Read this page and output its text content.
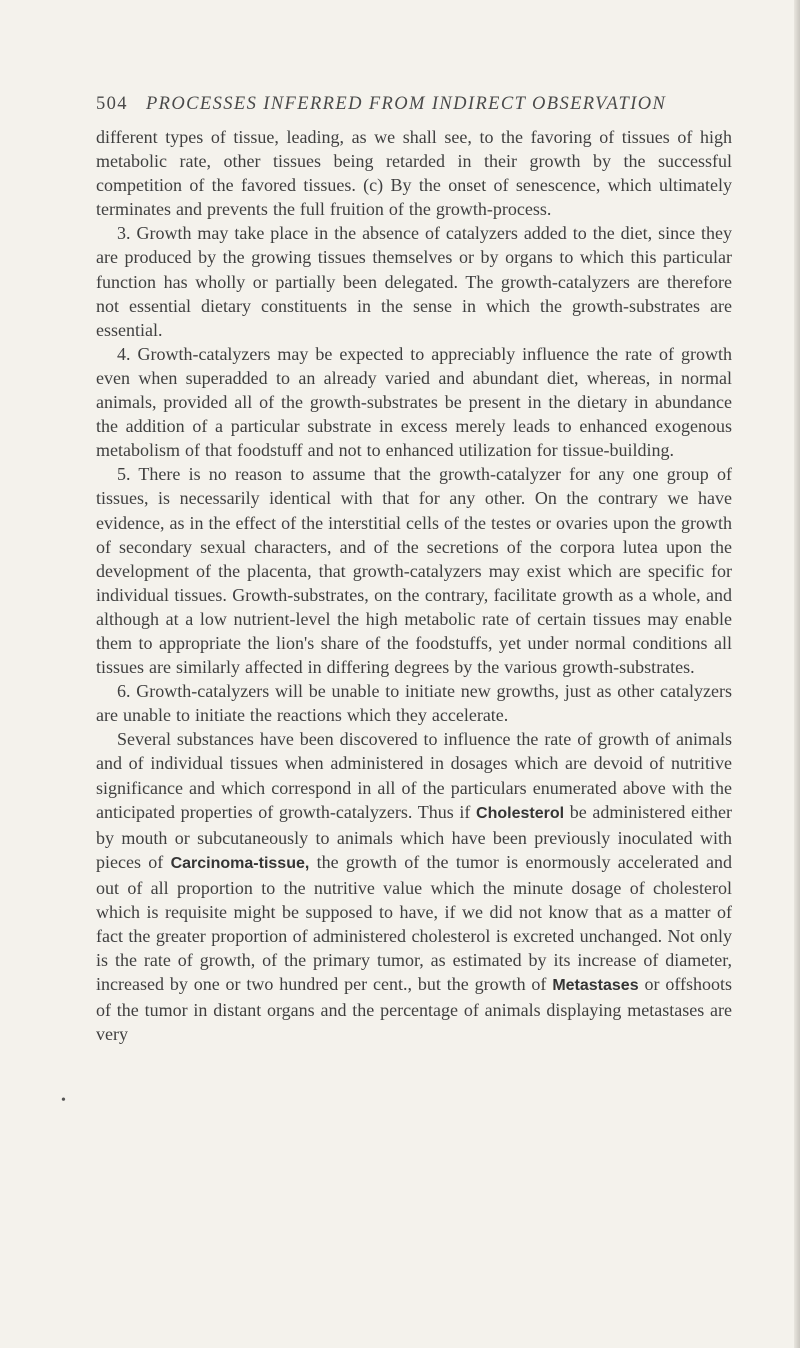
504 PROCESSES INFERRED FROM INDIRECT OBSERVATION
•

different types of tissue, leading, as we shall see, to the favoring of tissues of high metabolic rate, other tissues being retarded in their growth by the successful competition of the favored tissues. (c) By the onset of senescence, which ultimately terminates and prevents the full fruition of the growth-process.

3. Growth may take place in the absence of catalyzers added to the diet, since they are produced by the growing tissues themselves or by organs to which this particular function has wholly or partially been delegated. The growth-catalyzers are therefore not essential dietary constituents in the sense in which the growth-substrates are essential.

4. Growth-catalyzers may be expected to appreciably influence the rate of growth even when superadded to an already varied and abundant diet, whereas, in normal animals, provided all of the growth-substrates be present in the dietary in abundance the addition of a particular substrate in excess merely leads to enhanced exogenous metabolism of that foodstuff and not to enhanced utilization for tissue-building.

5. There is no reason to assume that the growth-catalyzer for any one group of tissues, is necessarily identical with that for any other. On the contrary we have evidence, as in the effect of the interstitial cells of the testes or ovaries upon the growth of secondary sexual characters, and of the secretions of the corpora lutea upon the development of the placenta, that growth-catalyzers may exist which are specific for individual tissues. Growth-substrates, on the contrary, facilitate growth as a whole, and although at a low nutrient-level the high metabolic rate of certain tissues may enable them to appropriate the lion's share of the foodstuffs, yet under normal conditions all tissues are similarly affected in differing degrees by the various growth-substrates.

6. Growth-catalyzers will be unable to initiate new growths, just as other catalyzers are unable to initiate the reactions which they accelerate.

Several substances have been discovered to influence the rate of growth of animals and of individual tissues when administered in dosages which are devoid of nutritive significance and which correspond in all of the particulars enumerated above with the anticipated properties of growth-catalyzers. Thus if Cholesterol be administered either by mouth or subcutaneously to animals which have been previously inoculated with pieces of Carcinoma-tissue, the growth of the tumor is enormously accelerated and out of all proportion to the nutritive value which the minute dosage of cholesterol which is requisite might be supposed to have, if we did not know that as a matter of fact the greater proportion of administered cholesterol is excreted unchanged. Not only is the rate of growth, of the primary tumor, as estimated by its increase of diameter, increased by one or two hundred per cent., but the growth of Metastases or offshoots of the tumor in distant organs and the percentage of animals displaying metastases are very
